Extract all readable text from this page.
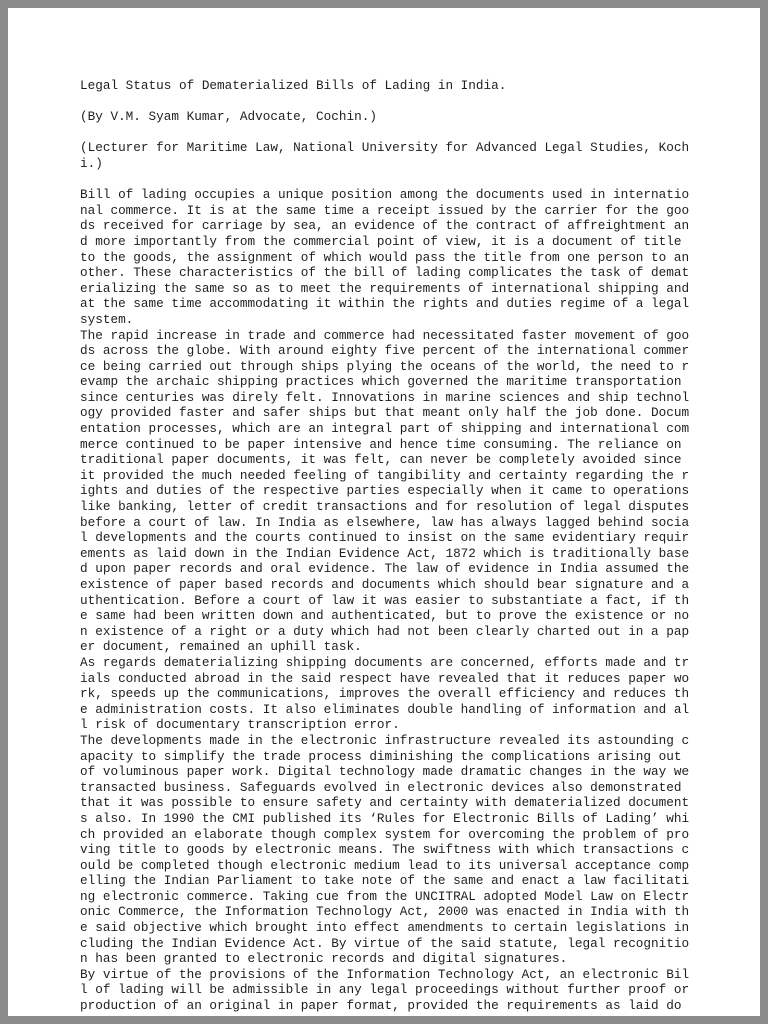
Legal Status of Dematerialized Bills of Lading in India.
(By V.M. Syam Kumar, Advocate, Cochin.)
(Lecturer for Maritime Law, National University for Advanced Legal Studies, Kochi.)
Bill of lading occupies a unique position among the documents used in international commerce. It is at the same time a receipt issued by the carrier for the goods received for carriage by sea, an evidence of the contract of affreightment and more importantly from the commercial point of view, it is a document of title to the goods, the assignment of which would pass the title from one person to another. These characteristics of the bill of lading complicates the task of dematerializing the same so as to meet the requirements of international shipping and at the same time accommodating it within the rights and duties regime of a legal system.
The rapid increase in trade and commerce had necessitated faster movement of goods across the globe. With around eighty five percent of the international commerce being carried out through ships plying the oceans of the world, the need to revamp the archaic shipping practices which governed the maritime transportation since centuries was direly felt. Innovations in marine sciences and ship technology provided faster and safer ships but that meant only half the job done. Documentation processes, which are an integral part of shipping and international commerce continued to be paper intensive and hence time consuming. The reliance on traditional paper documents, it was felt, can never be completely avoided since it provided the much needed feeling of tangibility and certainty regarding the rights and duties of the respective parties especially when it came to operations like banking, letter of credit transactions and for resolution of legal disputes before a court of law. In India as elsewhere, law has always lagged behind social developments and the courts continued to insist on the same evidentiary requirements as laid down in the Indian Evidence Act, 1872 which is traditionally based upon paper records and oral evidence. The law of evidence in India assumed the existence of paper based records and documents which should bear signature and authentication. Before a court of law it was easier to substantiate a fact, if the same had been written down and authenticated, but to prove the existence or non existence of a right or a duty which had not been clearly charted out in a paper document, remained an uphill task.
As regards dematerializing shipping documents are concerned, efforts made and trials conducted abroad in the said respect have revealed that it reduces paper work, speeds up the communications, improves the overall efficiency and reduces the administration costs. It also eliminates double handling of information and all risk of documentary transcription error.
The developments made in the electronic infrastructure revealed its astounding capacity to simplify the trade process diminishing the complications arising out of voluminous paper work. Digital technology made dramatic changes in the way we transacted business. Safeguards evolved in electronic devices also demonstrated that it was possible to ensure safety and certainty with dematerialized documents also. In 1990 the CMI published its ‘Rules for Electronic Bills of Lading’ which provided an elaborate though complex system for overcoming the problem of proving title to goods by electronic means. The swiftness with which transactions could be completed though electronic medium lead to its universal acceptance compelling the Indian Parliament to take note of the same and enact a law facilitating electronic commerce. Taking cue from the UNCITRAL adopted Model Law on Electronic Commerce, the Information Technology Act, 2000 was enacted in India with the said objective which brought into effect amendments to certain legislations including the Indian Evidence Act. By virtue of the said statute, legal recognition has been granted to electronic records and digital signatures.
By virtue of the provisions of the Information Technology Act, an electronic Bill of lading will be admissible in any legal proceedings without further proof or production of an original in paper format, provided the requirements as laid do
